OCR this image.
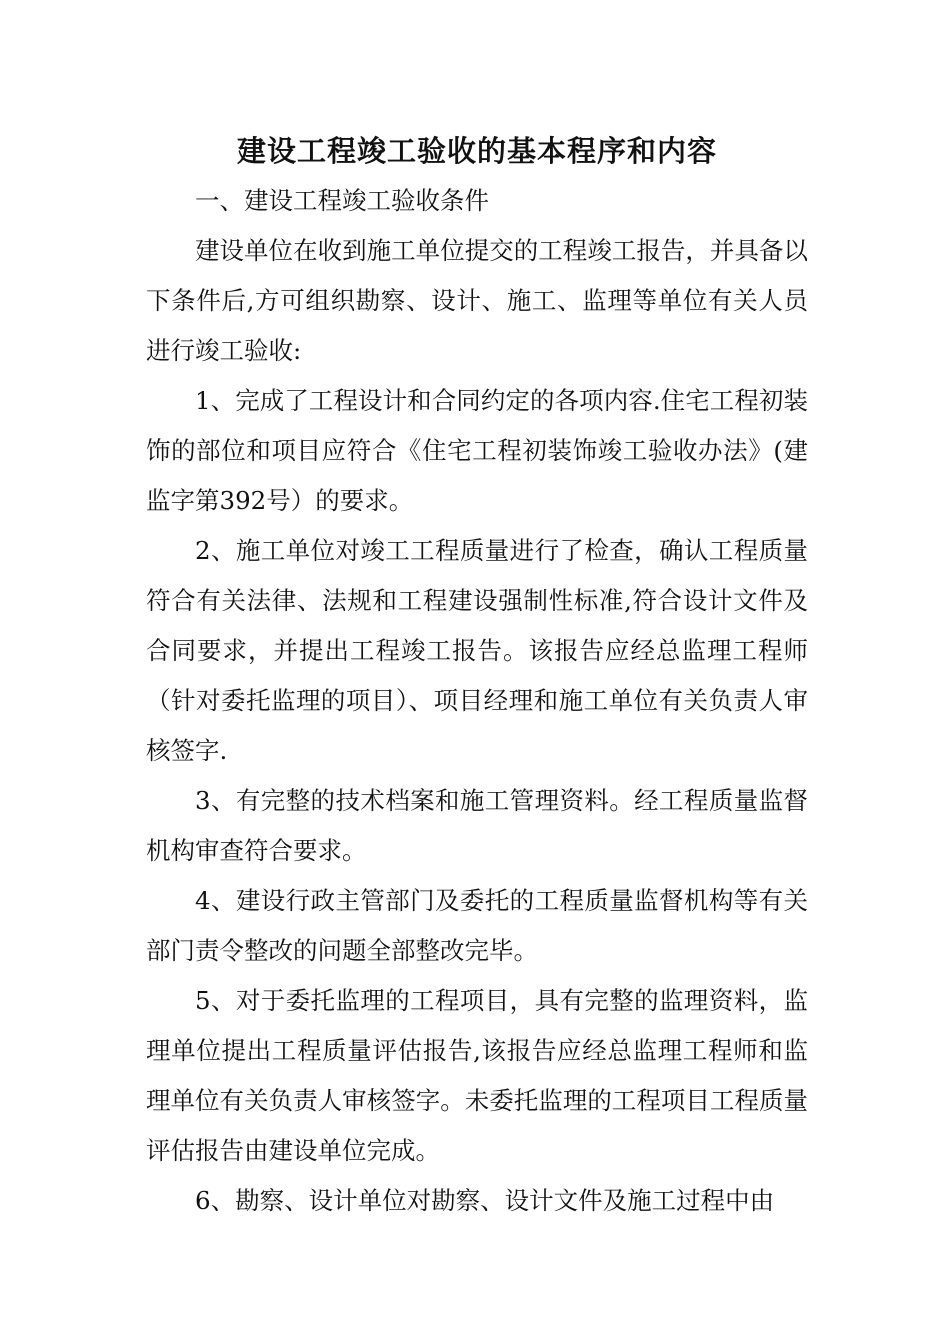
建设工程竣工验收的基本程序和内容
一、建设工程竣工验收条件

建设单位在收到施工单位提交的工程竣工报告，并具备以下条件后,方可组织勘察、设计、施工、监理等单位有关人员进行竣工验收:

1、完成了工程设计和合同约定的各项内容.住宅工程初装饰的部位和项目应符合《住宅工程初装饰竣工验收办法》(建监字第392号）的要求。

2、施工单位对竣工工程质量进行了检查，确认工程质量符合有关法律、法规和工程建设强制性标准,符合设计文件及合同要求，并提出工程竣工报告。该报告应经总监理工程师（针对委托监理的项目）、项目经理和施工单位有关负责人审核签字.

3、有完整的技术档案和施工管理资料。经工程质量监督机构审查符合要求。

4、建设行政主管部门及委托的工程质量监督机构等有关部门责令整改的问题全部整改完毕。

5、对于委托监理的工程项目，具有完整的监理资料，监理单位提出工程质量评估报告,该报告应经总监理工程师和监理单位有关负责人审核签字。未委托监理的工程项目工程质量评估报告由建设单位完成。

6、勘察、设计单位对勘察、设计文件及施工过程中由
